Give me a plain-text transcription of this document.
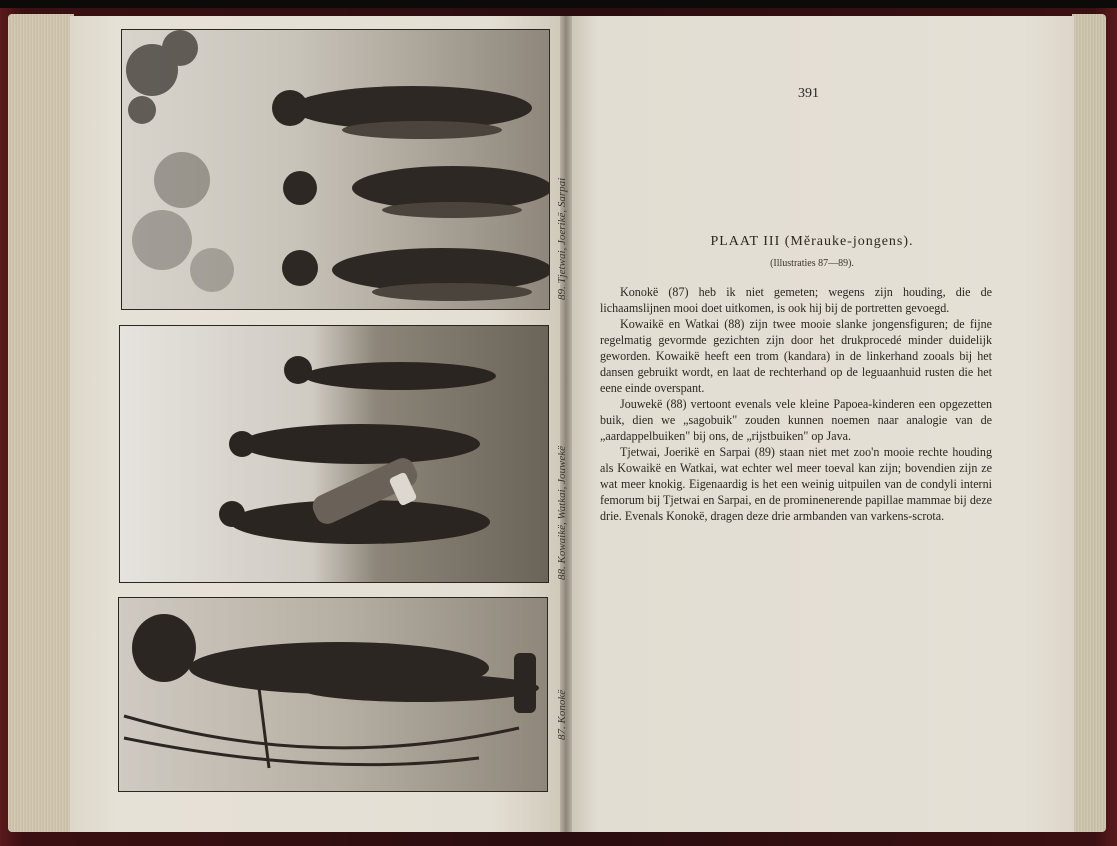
89. Tjetwai, Joerikë, Sarpai
88. Kowaikë, Watkai, Jouwekë
87. Konokë
391
PLAAT III (Mĕrauke-jongens).
(Illustraties 87—89).

Konokë (87) heb ik niet gemeten; wegens zijn houding, die de lichaamslijnen mooi doet uitkomen, is ook hij bij de portretten gevoegd.

Kowaikë en Watkai (88) zijn twee mooie slanke jongensfiguren; de fijne regelmatig gevormde gezichten zijn door het drukprocedé minder duidelijk geworden. Kowaikë heeft een trom (kandara) in de linkerhand zooals bij het dansen gebruikt wordt, en laat de rechterhand op de leguaanhuid rusten die het eene einde overspant.

Jouwekë (88) vertoont evenals vele kleine Papoea-kinderen een opgezetten buik, dien we „sagobuik" zouden kunnen noemen naar analogie van de „aardappelbuiken" bij ons, de „rijstbuiken" op Java.

Tjetwai, Joerikë en Sarpai (89) staan niet met zoo'n mooie rechte houding als Kowaikë en Watkai, wat echter wel meer toeval kan zijn; bovendien zijn ze wat meer knokig. Eigenaardig is het een weinig uitpuilen van de condyli interni femorum bij Tjetwai en Sarpai, en de prominenerende papillae mammae bij deze drie. Evenals Konokë, dragen deze drie armbanden van varkens-scrota.
